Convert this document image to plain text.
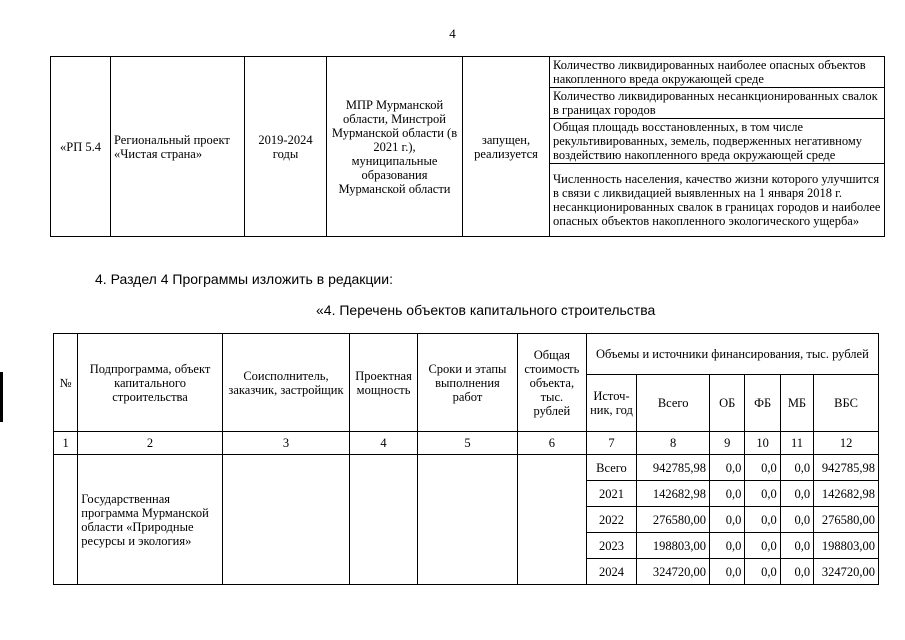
4
«РП 5.4	Региональный проект «Чистая страна»	2019-2024 годы	МПР Мурманской области, Минстрой Мурманской области (в 2021 г.), муниципальные образования Мурманской области	запущен, реализуется	Количество ликвидированных наиболее опасных объектов накопленного вреда окружающей среде
Количество ликвидированных несанкционированных свалок в границах городов
Общая площадь восстановленных, в том числе рекультивированных, земель, подверженных негативному воздействию накопленного вреда окружающей среде
Численность населения, качество жизни которого улучшится в связи с ликвидацией выявленных на 1 января 2018 г. несанкционированных свалок в границах городов и наиболее опасных объектов накопленного экологического ущерба»
4. Раздел 4 Программы изложить в редакции:
«4. Перечень объектов капитального строительства
№	Подпрограмма, объект капитального строительства	Соисполнитель, заказчик, застройщик	Проектная мощность	Сроки и этапы выполнения работ	Общая стоимость объекта, тыс. рублей	Объемы и источники финансирования, тыс. рублей					
						Источ-ник, год	Всего	ОБ	ФБ	МБ	ВБС
1	2	3	4	5	6	7	8	9	10	11	12
	Государственная программа Мурманской области «Природные ресурсы и экология»					Всего	942785,98	0,0	0,0	0,0	942785,98
						2021	142682,98	0,0	0,0	0,0	142682,98
						2022	276580,00	0,0	0,0	0,0	276580,00
						2023	198803,00	0,0	0,0	0,0	198803,00
						2024	324720,00	0,0	0,0	0,0	324720,00
